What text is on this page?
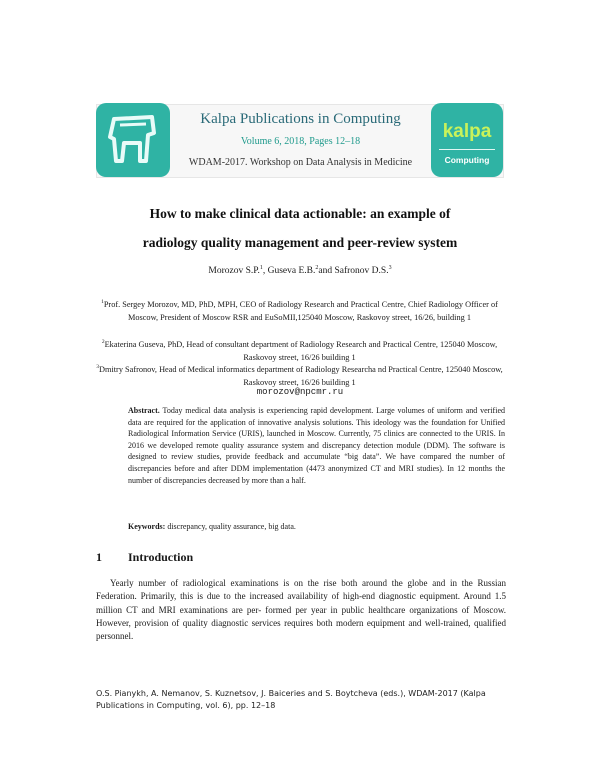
Kalpa Publications in Computing
Volume 6, 2018, Pages 12–18
WDAM-2017. Workshop on Data Analysis in Medicine
kalpa
Computing
How to make clinical data actionable: an example of
radiology quality management and peer-review system
Morozov S.P.$^1$, Guseva E.B.$^2$and Safronov D.S.$^3$
$^1$Prof. Sergey Morozov, MD, PhD, MPH, CEO of Radiology Research and Practical Centre, Chief Radiology Officer of Moscow, President of Moscow RSR and EuSoMII,125040 Moscow, Raskovoy street, 16/26, building 1
$^2$Ekaterina Guseva, PhD, Head of consultant department of Radiology Research and Practical Centre, 125040 Moscow, Raskovoy street, 16/26 building 1
$^3$Dmitry Safronov, Head of Medical informatics department of Radiology Researcha nd Practical Centre, 125040 Moscow, Raskovoy street, 16/26 building 1
morozov@npcmr.ru
Abstract. Today medical data analysis is experiencing rapid development. Large volumes of uniform and verified data are required for the application of innovative analysis solutions. This ideology was the foundation for Unified Radiological Information Service (URIS), launched in Moscow. Currently, 75 clinics are connected to the URIS. In 2016 we developed remote quality assurance system and discrepancy detection module (DDM). The software is designed to review studies, provide feedback and accumulate “big data”. We have compared the number of discrepancies before and after DDM implementation (4473 anonymized CT and MRI studies). In 12 months the number of discrepancies decreased by more than a half.
Keywords: discrepancy, quality assurance, big data.
1 Introduction
Yearly number of radiological examinations is on the rise both around the globe and in the Russian Federation. Primarily, this is due to the increased availability of high-end diagnostic equipment. Around 1.5 million CT and MRI examinations are per- formed per year in public healthcare organizations of Moscow. However, provision of quality diagnostic services requires both modern equipment and well-trained, qualified personnel.
O.S. Pianykh, A. Nemanov, S. Kuznetsov, J. Baiceries and S. Boytcheva (eds.), WDAM-2017 (Kalpa Publications in Computing, vol. 6), pp. 12–18
